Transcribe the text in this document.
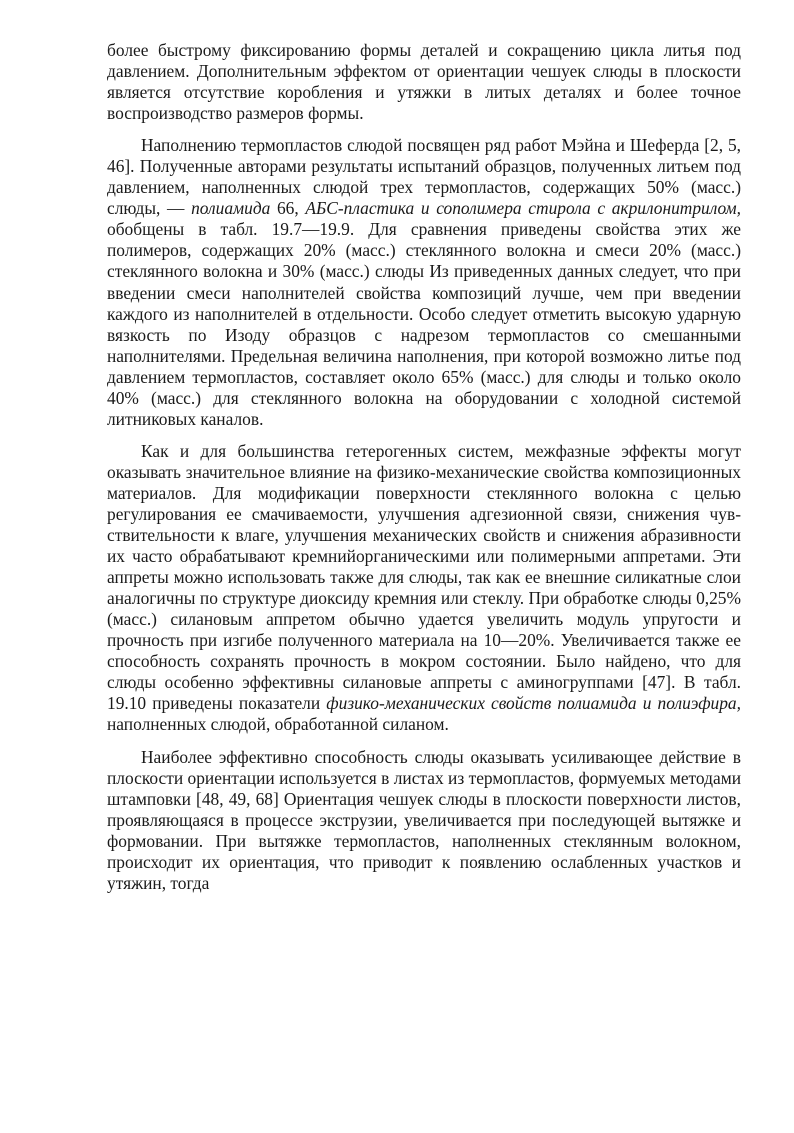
более быстрому фиксированию формы деталей и сокращению цикла литья под давлением. Дополнительным эффектом от ориентации чешуек слюды в плоскости является отсутствие коробления и утяжки в литых деталях и более точное воспроизводство размеров формы.

Наполнению термопластов слюдой посвящен ряд работ Мэйна и Шеферда [2, 5, 46]. Полученные авторами результаты испытаний образцов, полученных литьем под давлением, наполненных слюдой трех термопластов, содержащих 50% (масс.) слюды, — полиамида 66, АБС-пластика и сополимера стирола с акрилонитрилом, обобщены в табл. 19.7—19.9. Для сравнения приведены свойства этих же полимеров, содержащих 20% (масс.) стеклянного волокна и смеси 20% (масс.) стеклянного волокна и 30% (масс.) слюды Из приведенных данных следует, что при введении смеси наполнителей свойства композиций лучше, чем при введении каждого из наполнителей в отдельности. Особо следует отметить высокую ударную вязкость по Изоду образцов с надрезом термопластов со смешанными наполнителями. Предельная величина наполнения, при которой возможно литье под давлением термопластов, составляет около 65% (масс.) для слюды и только около 40% (масс.) для стеклянного волокна на оборудовании с холодной системой литниковых каналов.

Как и для большинства гетерогенных систем, межфазные эффекты могут оказывать значительное влияние на физико-механические свойства композиционных материалов. Для модификации поверхности стеклянного волокна с целью регулирования ее смачиваемости, улучшения адгезионной связи, снижения чувствительности к влаге, улучшения механических свойств и снижения абразивности их часто обрабатывают кремнийорганическими или полимерными аппретами. Эти аппреты можно использовать также для слюды, так как ее внешние силикатные слои аналогичны по структуре диоксиду кремния или стеклу. При обработке слюды 0,25% (масс.) силановым аппретом обычно удается увеличить модуль упругости и прочность при изгибе полученного материала на 10—20%. Увеличивается также ее способность сохранять прочность в мокром состоянии. Было найдено, что для слюды особенно эффективны силановые аппреты с аминогруппами [47]. В табл. 19.10 приведены показатели физико-механических свойств полиамида и полиэфира, наполненных слюдой, обработанной силаном.

Наиболее эффективно способность слюды оказывать усиливающее действие в плоскости ориентации используется в листах из термопластов, формуемых методами штамповки [48, 49, 68] Ориентация чешуек слюды в плоскости поверхности листов, проявляющаяся в процессе экструзии, увеличивается при последующей вытяжке и формовании. При вытяжке термопластов, наполненных стеклянным волокном, происходит их ориентация, что приводит к появлению ослабленных участков и утяжин, тогда
